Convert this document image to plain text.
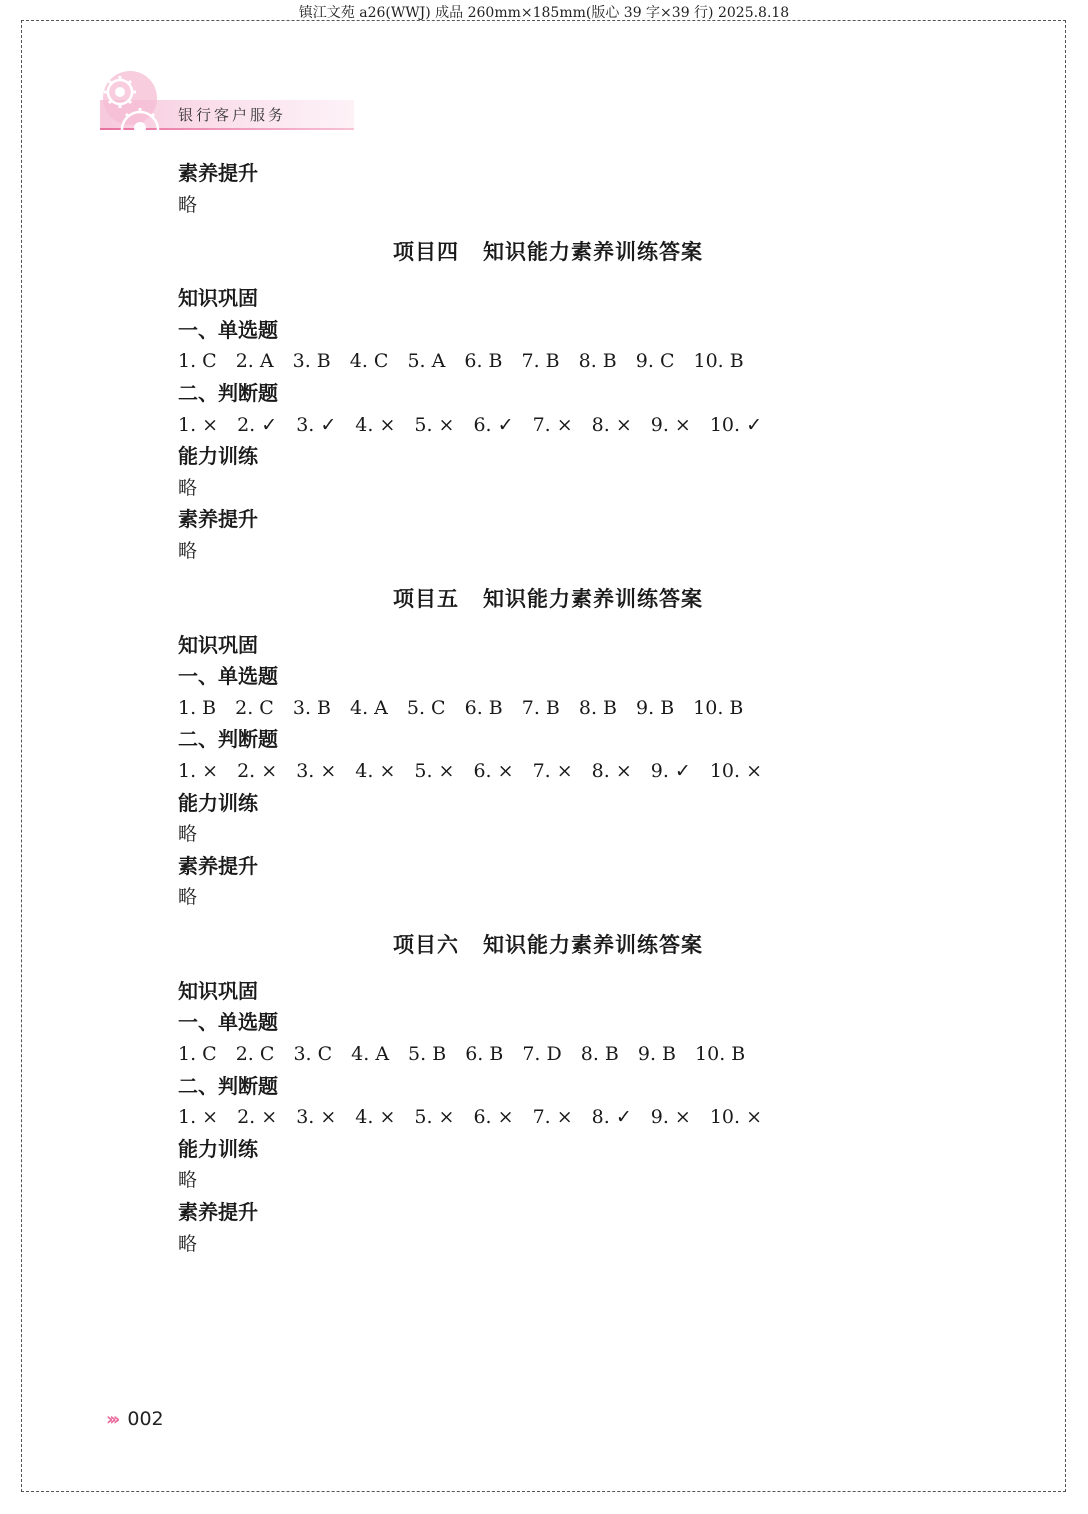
镇江文苑 a26(WWJ) 成品 260mm×185mm(版心 39 字×39 行) 2025.8.18
银行客户服务
素养提升
略
项目四 知识能力素养训练答案
知识巩固
一、单选题
1. C 2. A 3. B 4. C 5. A 6. B 7. B 8. B 9. C 10. B
二、判断题
1. × 2. ✓ 3. ✓ 4. × 5. × 6. ✓ 7. × 8. × 9. × 10. ✓
能力训练
略
素养提升
略
项目五 知识能力素养训练答案
知识巩固
一、单选题
1. B 2. C 3. B 4. A 5. C 6. B 7. B 8. B 9. B 10. B
二、判断题
1. × 2. × 3. × 4. × 5. × 6. × 7. × 8. × 9. ✓ 10. ×
能力训练
略
素养提升
略
项目六 知识能力素养训练答案
知识巩固
一、单选题
1. C 2. C 3. C 4. A 5. B 6. B 7. D 8. B 9. B 10. B
二、判断题
1. × 2. × 3. × 4. × 5. × 6. × 7. × 8. ✓ 9. × 10. ×
能力训练
略
素养提升
略
››› 002
